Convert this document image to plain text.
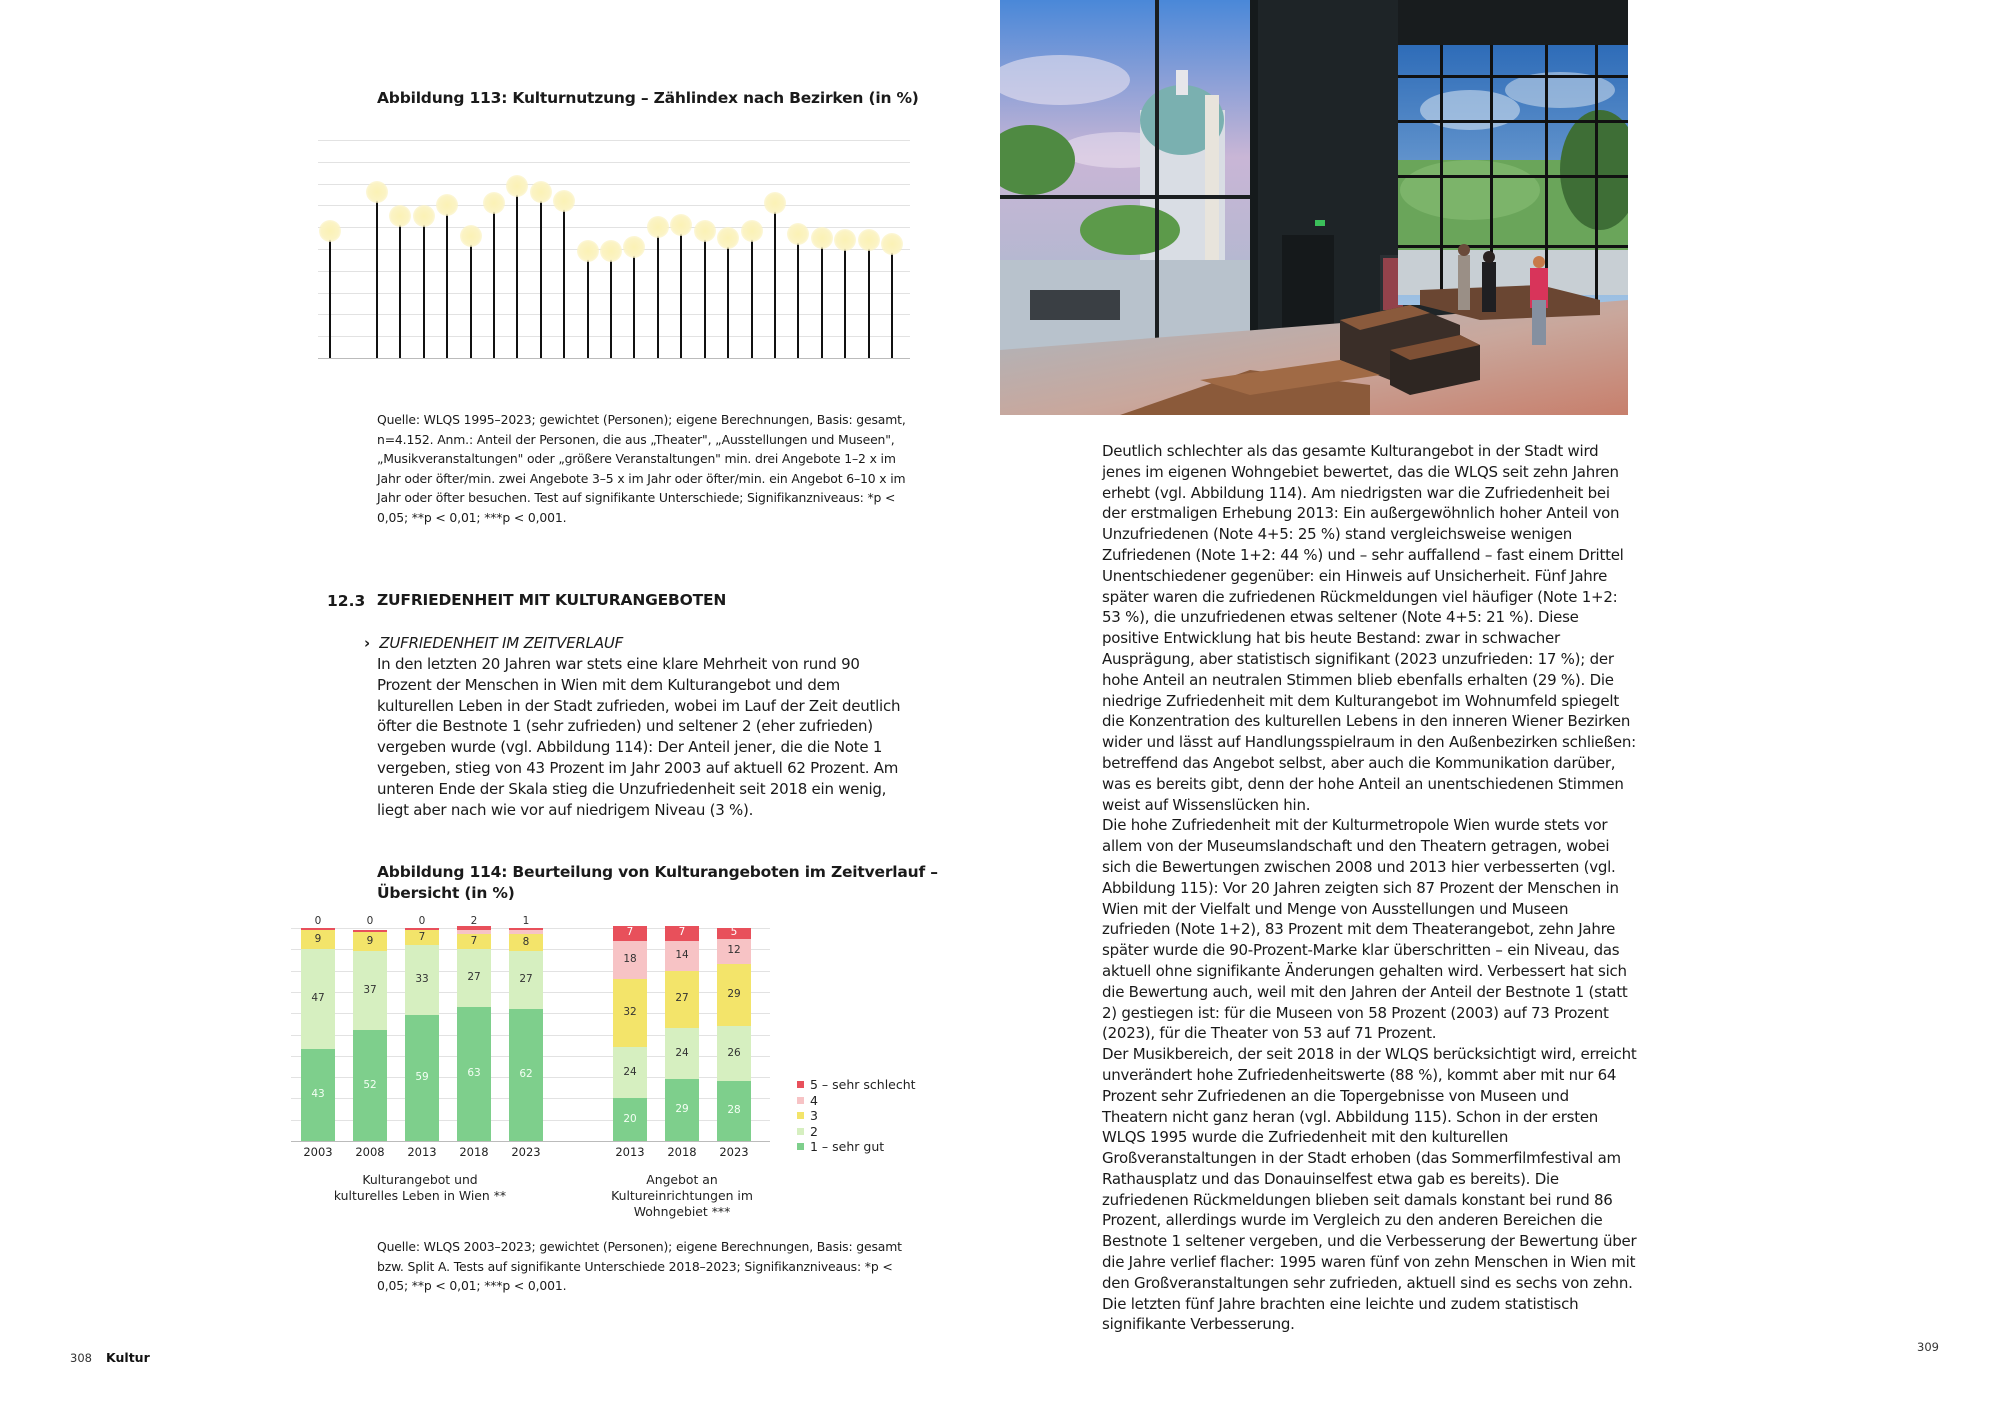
Abbildung 113: Kulturnutzung – Zählindex nach Bezirken (in %)
Quelle: WLQS 1995–2023; gewichtet (Personen); eigene Berechnungen, Basis: gesamt, n=4.152. Anm.: Anteil der Personen, die aus „Theater", „Ausstellungen und Museen", „Musikveranstaltungen" oder „größere Veranstaltungen" min. drei Angebote 1–2 x im Jahr oder öfter/min. zwei Angebote 3–5 x im Jahr oder öfter/min. ein Angebot 6–10 x im Jahr oder öfter besuchen. Test auf signifikante Unterschiede; Signifikanzniveaus: *p < 0,05; **p < 0,01; ***p < 0,001.
12.3 ZUFRIEDENHEIT MIT KULTURANGEBOTEN
› ZUFRIEDENHEIT IM ZEITVERLAUF
In den letzten 20 Jahren war stets eine klare Mehrheit von rund 90 Prozent der Menschen in Wien mit dem Kulturangebot und dem kulturellen Leben in der Stadt zufrieden, wobei im Lauf der Zeit deutlich öfter die Bestnote 1 (sehr zufrieden) und seltener 2 (eher zufrieden) vergeben wurde (vgl. Abbildung 114): Der Anteil jener, die die Note 1 vergeben, stieg von 43 Prozent im Jahr 2003 auf aktuell 62 Prozent. Am unteren Ende der Skala stieg die Unzufriedenheit seit 2018 ein wenig, liegt aber nach wie vor auf niedrigem Niveau (3 %).
Abbildung 114: Beurteilung von Kulturangeboten im Zeitverlauf –
Übersicht (in %)
2003
43
47
9
0
2008
52
37
9
0
2013
59
33
7
0
2018
63
27
7
2
2023
62
27
8
1
2013
20
24
32
18
7
2018
29
24
27
14
7
2023
28
26
29
12
5
Kulturangebot und
kulturelles Leben in Wien **
Angebot an
Kultureinrichtungen im
Wohngebiet ***
5 – sehr schlecht
4
3
2
1 – sehr gut
Quelle: WLQS 2003–2023; gewichtet (Personen); eigene Berechnungen, Basis: gesamt bzw. Split A. Tests auf signifikante Unterschiede 2018–2023; Signifikanzniveaus: *p < 0,05; **p < 0,01; ***p < 0,001.
308 Kultur
Deutlich schlechter als das gesamte Kulturangebot in der Stadt wird jenes im eigenen Wohngebiet bewertet, das die WLQS seit zehn Jahren erhebt (vgl. Abbildung 114). Am niedrigsten war die Zufriedenheit bei der erstmaligen Erhebung 2013: Ein außergewöhnlich hoher Anteil von Unzufriedenen (Note 4+5: 25 %) stand vergleichsweise wenigen Zufriedenen (Note 1+2: 44 %) und – sehr auffallend – fast einem Drittel Unentschiedener gegenüber: ein Hinweis auf Unsicherheit. Fünf Jahre später waren die zufriedenen Rückmeldungen viel häufiger (Note 1+2: 53 %), die unzufriedenen etwas seltener (Note 4+5: 21 %). Diese positive Entwicklung hat bis heute Bestand: zwar in schwacher Ausprägung, aber statistisch signifikant (2023 unzufrieden: 17 %); der hohe Anteil an neutralen Stimmen blieb ebenfalls erhalten (29 %). Die niedrige Zufriedenheit mit dem Kulturangebot im Wohnumfeld spiegelt die Konzentration des kulturellen Lebens in den inneren Wiener Bezirken wider und lässt auf Handlungsspielraum in den Außenbezirken schließen: betreffend das Angebot selbst, aber auch die Kommunikation darüber, was es bereits gibt, denn der hohe Anteil an unentschiedenen Stimmen weist auf Wissenslücken hin.
Die hohe Zufriedenheit mit der Kulturmetropole Wien wurde stets vor allem von der Museumslandschaft und den Theatern getragen, wobei sich die Bewertungen zwischen 2008 und 2013 hier verbesserten (vgl. Abbildung 115): Vor 20 Jahren zeigten sich 87 Prozent der Menschen in Wien mit der Vielfalt und Menge von Ausstellungen und Museen zufrieden (Note 1+2), 83 Prozent mit dem Theaterangebot, zehn Jahre später wurde die 90-Prozent-Marke klar überschritten – ein Niveau, das aktuell ohne signifikante Änderungen gehalten wird. Verbessert hat sich die Bewertung auch, weil mit den Jahren der Anteil der Bestnote 1 (statt 2) gestiegen ist: für die Museen von 58 Prozent (2003) auf 73 Prozent (2023), für die Theater von 53 auf 71 Prozent.
Der Musikbereich, der seit 2018 in der WLQS berücksichtigt wird, erreicht unverändert hohe Zufriedenheitswerte (88 %), kommt aber mit nur 64 Prozent sehr Zufriedenen an die Topergebnisse von Museen und Theatern nicht ganz heran (vgl. Abbildung 115). Schon in der ersten WLQS 1995 wurde die Zufriedenheit mit den kulturellen Großveranstaltungen in der Stadt erhoben (das Sommerfilmfestival am Rathausplatz und das Donauinselfest etwa gab es bereits). Die zufriedenen Rückmeldungen blieben seit damals konstant bei rund 86 Prozent, allerdings wurde im Vergleich zu den anderen Bereichen die Bestnote 1 seltener vergeben, und die Verbesserung der Bewertung über die Jahre verlief flacher: 1995 waren fünf von zehn Menschen in Wien mit den Großveranstaltungen sehr zufrieden, aktuell sind es sechs von zehn. Die letzten fünf Jahre brachten eine leichte und zudem statistisch signifikante Verbesserung.
309
